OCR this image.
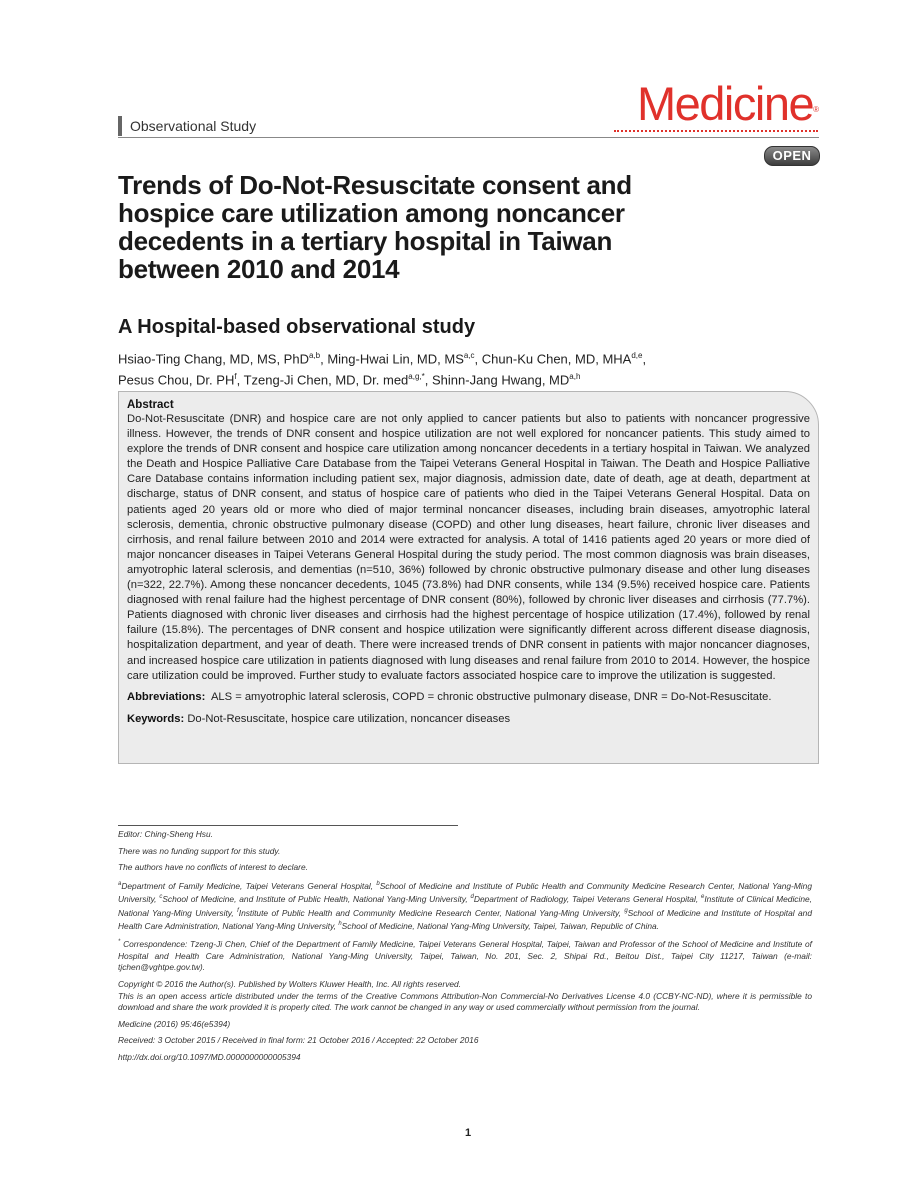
Observational Study	Medicine®
OPEN
Trends of Do-Not-Resuscitate consent and hospice care utilization among noncancer decedents in a tertiary hospital in Taiwan between 2010 and 2014
A Hospital-based observational study
Hsiao-Ting Chang, MD, MS, PhD$^{a,b}$, Ming-Hwai Lin, MD, MS$^{a,c}$, Chun-Ku Chen, MD, MHA$^{d,e}$,
Pesus Chou, Dr. $PH^f$, Tzeng-Ji Chen, MD, Dr. med$^{a,g,*}$, Shinn-Jang Hwang, MD$^{a,h}$
Abstract
Do-Not-Resuscitate (DNR) and hospice care are not only applied to cancer patients but also to patients with noncancer progressive illness. However, the trends of DNR consent and hospice utilization are not well explored for noncancer patients. This study aimed to explore the trends of DNR consent and hospice care utilization among noncancer decedents in a tertiary hospital in Taiwan. We analyzed the Death and Hospice Palliative Care Database from the Taipei Veterans General Hospital in Taiwan. The Death and Hospice Palliative Care Database contains information including patient sex, major diagnosis, admission date, date of death, age at death, department at discharge, status of DNR consent, and status of hospice care of patients who died in the Taipei Veterans General Hospital. Data on patients aged 20 years old or more who died of major terminal noncancer diseases, including brain diseases, amyotrophic lateral sclerosis, dementia, chronic obstructive pulmonary disease (COPD) and other lung diseases, heart failure, chronic liver diseases and cirrhosis, and renal failure between 2010 and 2014 were extracted for analysis. A total of 1416 patients aged 20 years or more died of major noncancer diseases in Taipei Veterans General Hospital during the study period. The most common diagnosis was brain diseases, amyotrophic lateral sclerosis, and dementias (n=510, 36%) followed by chronic obstructive pulmonary disease and other lung diseases (n=322, 22.7%). Among these noncancer decedents, 1045 (73.8%) had DNR consents, while 134 (9.5%) received hospice care. Patients diagnosed with renal failure had the highest percentage of DNR consent (80%), followed by chronic liver diseases and cirrhosis (77.7%). Patients diagnosed with chronic liver diseases and cirrhosis had the highest percentage of hospice utilization (17.4%), followed by renal failure (15.8%). The percentages of DNR consent and hospice utilization were significantly different across different disease diagnosis, hospitalization department, and year of death. There were increased trends of DNR consent in patients with major noncancer diagnoses, and increased hospice care utilization in patients diagnosed with lung diseases and renal failure from 2010 to 2014. However, the hospice care utilization could be improved. Further study to evaluate factors associated hospice care to improve the utilization is suggested.
Abbreviations: ALS = amyotrophic lateral sclerosis, COPD = chronic obstructive pulmonary disease, DNR = Do-Not-Resuscitate.
Keywords: Do-Not-Resuscitate, hospice care utilization, noncancer diseases

Editor: Ching-Sheng Hsu.

There was no funding support for this study.

The authors have no conflicts of interest to declare.

$^a$Department of Family Medicine, Taipei Veterans General Hospital, $^b$School of Medicine and Institute of Public Health and Community Medicine Research Center, National Yang-Ming University, $^c$School of Medicine, and Institute of Public Health, National Yang-Ming University, $^d$Department of Radiology, Taipei Veterans General Hospital, $^e$Institute of Clinical Medicine, National Yang-Ming University, $^f$Institute of Public Health and Community Medicine Research Center, National Yang-Ming University, $^g$School of Medicine and Institute of Hospital and Health Care Administration, National Yang-Ming University, $^h$School of Medicine, National Yang-Ming University, Taipei, Taiwan, Republic of China.

* Correspondence: Tzeng-Ji Chen, Chief of the Department of Family Medicine, Taipei Veterans General Hospital, Taipei, Taiwan and Professor of the School of Medicine and Institute of Hospital and Health Care Administration, National Yang-Ming University, Taipei, Taiwan, No. 201, Sec. 2, Shipai Rd., Beitou Dist., Taipei City 11217, Taiwan (e-mail: tjchen@vghtpe.gov.tw).

Copyright © 2016 the Author(s). Published by Wolters Kluwer Health, Inc. All rights reserved.

This is an open access article distributed under the terms of the Creative Commons Attribution-Non Commercial-No Derivatives License 4.0 (CCBY-NC-ND), where it is permissible to download and share the work provided it is properly cited. The work cannot be changed in any way or used commercially without permission from the journal.

Medicine (2016) 95:46(e5394)

Received: 3 October 2015 / Received in final form: 21 October 2016 / Accepted: 22 October 2016

http://dx.doi.org/10.1097/MD.0000000000005394

1
